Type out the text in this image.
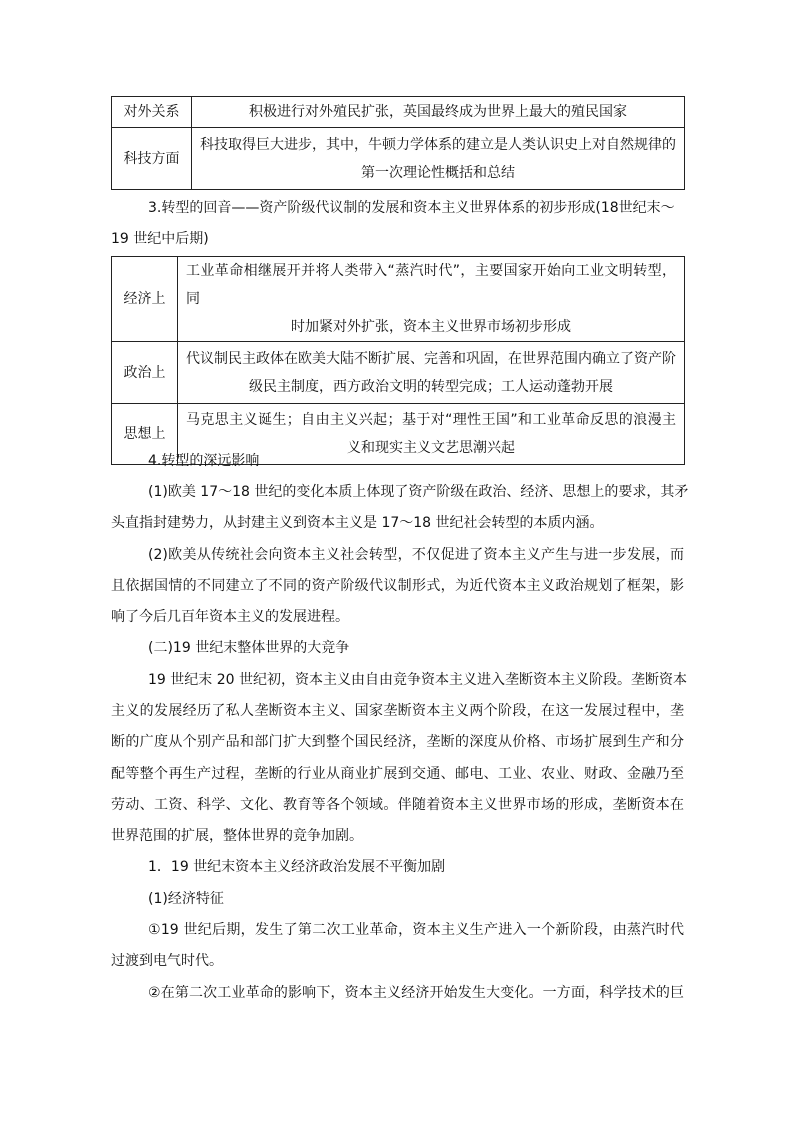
对外关系	积极进行对外殖民扩张，英国最终成为世界上最大的殖民国家
科技方面	科技取得巨大进步，其中，牛顿力学体系的建立是人类认识史上对自然规律的
第一次理论性概括和总结
3.转型的回音——资产阶级代议制的发展和资本主义世界体系的初步形成(18世纪末～
19 世纪中后期)
经济上	工业革命相继展开并将人类带入“蒸汽时代”，主要国家开始向工业文明转型，同
时加紧对外扩张，资本主义世界市场初步形成

政治上	代议制民主政体在欧美大陆不断扩展、完善和巩固，在世界范围内确立了资产阶
级民主制度，西方政治文明的转型完成；工人运动蓬勃开展

思想上	马克思主义诞生；自由主义兴起；基于对“理性王国”和工业革命反思的浪漫主
义和现实主义文艺思潮兴起
4.转型的深远影响
(1)欧美 17～18 世纪的变化本质上体现了资产阶级在政治、经济、思想上的要求，其矛
头直指封建势力，从封建主义到资本主义是 17～18 世纪社会转型的本质内涵。
(2)欧美从传统社会向资本主义社会转型，不仅促进了资本主义产生与进一步发展，而
且依据国情的不同建立了不同的资产阶级代议制形式，为近代资本主义政治规划了框架，影
响了今后几百年资本主义的发展进程。
(二)19 世纪末整体世界的大竞争
19 世纪末 20 世纪初，资本主义由自由竞争资本主义进入垄断资本主义阶段。垄断资本
主义的发展经历了私人垄断资本主义、国家垄断资本主义两个阶段，在这一发展过程中，垄
断的广度从个别产品和部门扩大到整个国民经济，垄断的深度从价格、市场扩展到生产和分
配等整个再生产过程，垄断的行业从商业扩展到交通、邮电、工业、农业、财政、金融乃至
劳动、工资、科学、文化、教育等各个领域。伴随着资本主义世界市场的形成，垄断资本在
世界范围的扩展，整体世界的竞争加剧。
1．19 世纪末资本主义经济政治发展不平衡加剧
(1)经济特征
①19 世纪后期，发生了第二次工业革命，资本主义生产进入一个新阶段，由蒸汽时代
过渡到电气时代。
②在第二次工业革命的影响下，资本主义经济开始发生大变化。一方面，科学技术的巨
